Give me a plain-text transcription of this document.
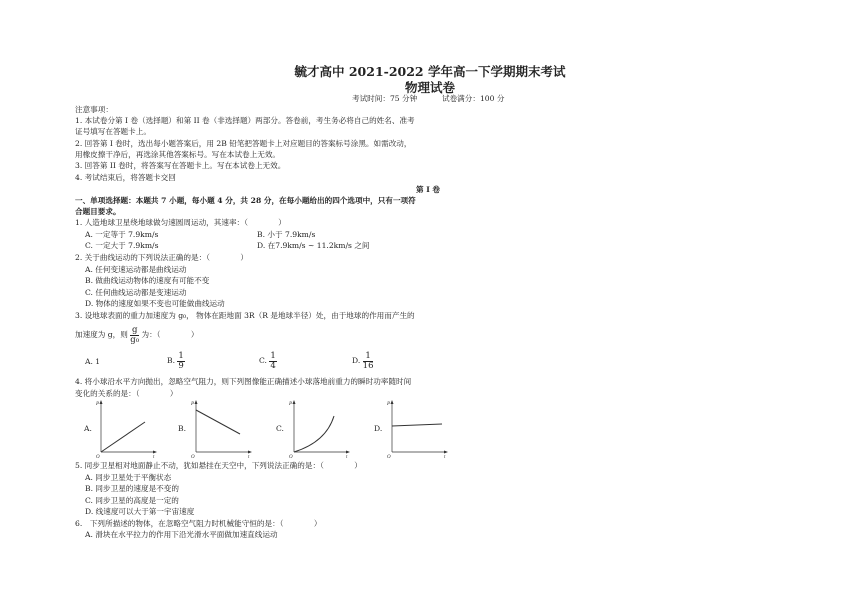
毓才高中 2021-2022 学年高一下学期期末考试
物理试卷
考试时间：75 分钟	试卷满分：100 分
注意事项：
1. 本试卷分第 I 卷（选择题）和第 II 卷（非选择题）两部分。答卷前，考生务必将自己的姓名、准考
证号填写在答题卡上。
2. 回答第 I 卷时，选出每小题答案后，用 2B 铅笔把答题卡上对应题目的答案标号涂黑。如需改动，
用橡皮擦干净后，再选涂其他答案标号。写在本试卷上无效。
3. 回答第 II 卷时，将答案写在答题卡上。写在本试卷上无效。
4. 考试结束后，将答题卡交回
第 I 卷
一、单项选择题：本题共 7 小题，每小题 4 分，共 28 分，在每小题给出的四个选项中，只有一项符
合题目要求。
1. 人造地球卫星绕地球做匀速圆周运动，其速率：（　　　　）
A. 一定等于 7.9km/s	B. 小于 7.9km/s
C. 一定大于 7.9km/s	D. 在7.9km/s ~ 11.2km/s 之间
2. 关于曲线运动的下列说法正确的是：（　　　　）
A. 任何变速运动都是曲线运动
B. 做曲线运动物体的速度有可能不变
C. 任何曲线运动都是变速运动
D. 物体的速度如果不变也可能做曲线运动
3. 设地球表面的重力加速度为 g₀， 物体在距地面 3R（R 是地球半径）处，由于地球的作用而产生的
加速度为 g，则 $\frac{g}{\text{g₀}}$ 为：（　　　　）
A. 1	B. $\frac{1}{9}$	C. $\frac{1}{4}$	D. $\frac{1}{16}$
4. 将小球沿水平方向抛出，忽略空气阻力，则下列图像能正确描述小球落地前重力的瞬时功率随时间
变化的关系的是：（　　　　）
A.	B.	C.	D.
P
t
O
P
t
O
P
t
O
P
t
O
5. 同步卫星相对地面静止不动，犹如悬挂在天空中，下列说法正确的是：（　　　　）
A. 同步卫星处于平衡状态
B. 同步卫星的速度是不变的
C. 同步卫星的高度是一定的
D. 线速度可以大于第一宇宙速度
6.　下列所描述的物体，在忽略空气阻力时机械能守恒的是：（　　　　）
A. 滑块在水平拉力的作用下沿光滑水平面做加速直线运动
